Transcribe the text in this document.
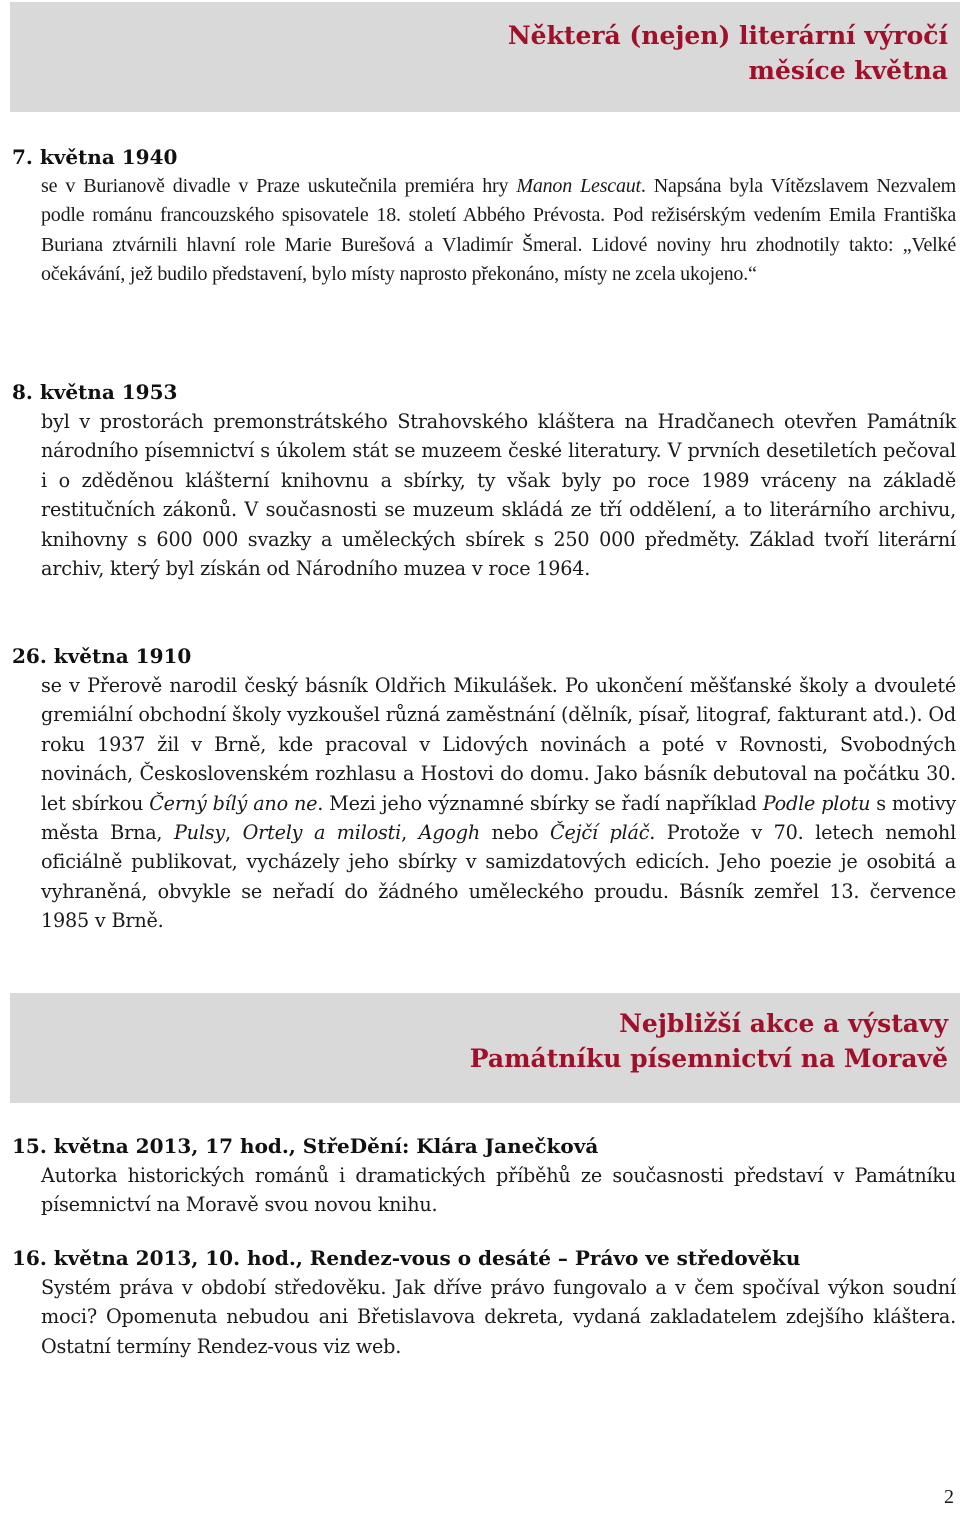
Některá (nejen) literární výročí
měsíce května
7. května 1940
se v Burianově divadle v Praze uskutečnila premiéra hry Manon Lescaut. Napsána byla Vítězslavem Nezvalem podle románu francouzského spisovatele 18. století Abbého Prévosta. Pod režisérským vedením Emila Františka Buriana ztvárnili hlavní role Marie Burešová a Vladimír Šmeral. Lidové noviny hru zhodnotily takto: „Velké očekávání, jež budilo představení, bylo místy naprosto překonáno, místy ne zcela ukojeno.“
8. května 1953
byl v prostorách premonstrátského Strahovského kláštera na Hradčanech otevřen Památník národního písemnictví s úkolem stát se muzeem české literatury. V prvních desetiletích pečoval i o zděděnou klášterní knihovnu a sbírky, ty však byly po roce 1989 vráceny na základě restitučních zákonů. V současnosti se muzeum skládá ze tří oddělení, a to literárního archivu, knihovny s 600 000 svazky a uměleckých sbírek s 250 000 předměty. Základ tvoří literární archiv, který byl získán od Národního muzea v roce 1964.
26. května 1910
se v Přerově narodil český básník Oldřich Mikulášek. Po ukončení měšťanské školy a dvouleté gremiální obchodní školy vyzkoušel různá zaměstnání (dělník, písař, litograf, fakturant atd.). Od roku 1937 žil v Brně, kde pracoval v Lidových novinách a poté v Rovnosti, Svobodných novinách, Československém rozhlasu a Hostovi do domu. Jako básník debutoval na počátku 30. let sbírkou Černý bílý ano ne. Mezi jeho významné sbírky se řadí například Podle plotu s motivy města Brna, Pulsy, Ortely a milosti, Agogh nebo Čejčí pláč. Protože v 70. letech nemohl oficiálně publikovat, vycházely jeho sbírky v samizdatových edicích. Jeho poezie je osobitá a vyhraněná, obvykle se neřadí do žádného uměleckého proudu. Básník zemřel 13. července 1985 v Brně.
Nejbližší akce a výstavy
Památníku písemnictví na Moravě
15. května 2013, 17 hod., StřeDění: Klára Janečková
Autorka historických románů i dramatických příběhů ze současnosti představí v Památníku písemnictví na Moravě svou novou knihu.
16. května 2013, 10. hod., Rendez-vous o desáté – Právo ve středověku
Systém práva v období středověku. Jak dříve právo fungovalo a v čem spočíval výkon soudní moci? Opomenuta nebudou ani Břetislavova dekreta, vydaná zakladatelem zdejšího kláštera. Ostatní termíny Rendez-vous viz web.
2
